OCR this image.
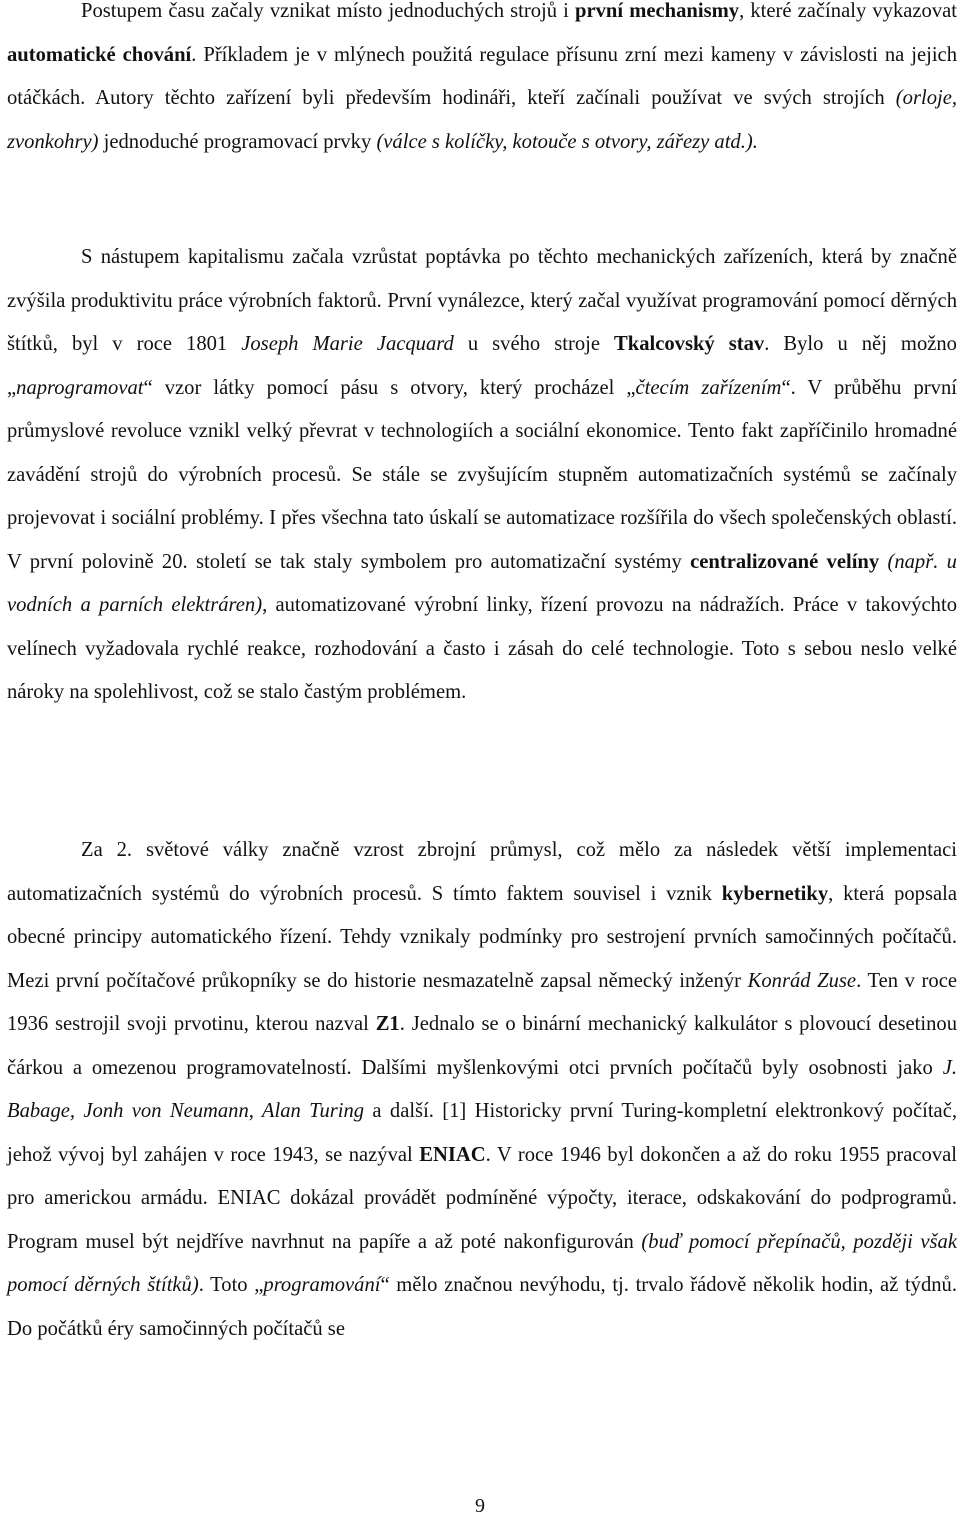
Postupem času začaly vznikat místo jednoduchých strojů i první mechanismy, které začínaly vykazovat automatické chování. Příkladem je v mlýnech použitá regulace přísunu zrní mezi kameny v závislosti na jejich otáčkách. Autory těchto zařízení byli především hodináři, kteří začínali používat ve svých strojích (orloje, zvonkohry) jednoduché programovací prvky (válce s kolíčky, kotouče s otvory, zářezy atd.).

S nástupem kapitalismu začala vzrůstat poptávka po těchto mechanických zařízeních, která by značně zvýšila produktivitu práce výrobních faktorů. První vynálezce, který začal využívat programování pomocí děrných štítků, byl v roce 1801 Joseph Marie Jacquard u svého stroje Tkalcovský stav. Bylo u něj možno „naprogramovat“ vzor látky pomocí pásu s otvory, který procházel „čtecím zařízením“. V průběhu první průmyslové revoluce vznikl velký převrat v technologiích a sociální ekonomice. Tento fakt zapříčinilo hromadné zavádění strojů do výrobních procesů. Se stále se zvyšujícím stupněm automatizačních systémů se začínaly projevovat i sociální problémy. I přes všechna tato úskalí se automatizace rozšířila do všech společenských oblastí. V první polovině 20. století se tak staly symbolem pro automatizační systémy centralizované velíny (např. u vodních a parních elektráren), automatizované výrobní linky, řízení provozu na nádražích. Práce v takovýchto velínech vyžadovala rychlé reakce, rozhodování a často i zásah do celé technologie. Toto s sebou neslo velké nároky na spolehlivost, což se stalo častým problémem.

Za 2. světové války značně vzrost zbrojní průmysl, což mělo za následek větší implementaci automatizačních systémů do výrobních procesů. S tímto faktem souvisel i vznik kybernetiky, která popsala obecné principy automatického řízení. Tehdy vznikaly podmínky pro sestrojení prvních samočinných počítačů. Mezi první počítačové průkopníky se do historie nesmazatelně zapsal německý inženýr Konrád Zuse. Ten v roce 1936 sestrojil svoji prvotinu, kterou nazval Z1. Jednalo se o binární mechanický kalkulátor s plovoucí desetinou čárkou a omezenou programovatelností. Dalšími myšlenkovými otci prvních počítačů byly osobnosti jako J. Babage, Jonh von Neumann, Alan Turing a další. [1] Historicky první Turing-kompletní elektronkový počítač, jehož vývoj byl zahájen v roce 1943, se nazýval ENIAC. V roce 1946 byl dokončen a až do roku 1955 pracoval pro americkou armádu. ENIAC dokázal provádět podmíněné výpočty, iterace, odskakování do podprogramů. Program musel být nejdříve navrhnut na papíře a až poté nakonfigurován (buď pomocí přepínačů, později však pomocí děrných štítků). Toto „programování“ mělo značnou nevýhodu, tj. trvalo řádově několik hodin, až týdnů. Do počátků éry samočinných počítačů se

9
